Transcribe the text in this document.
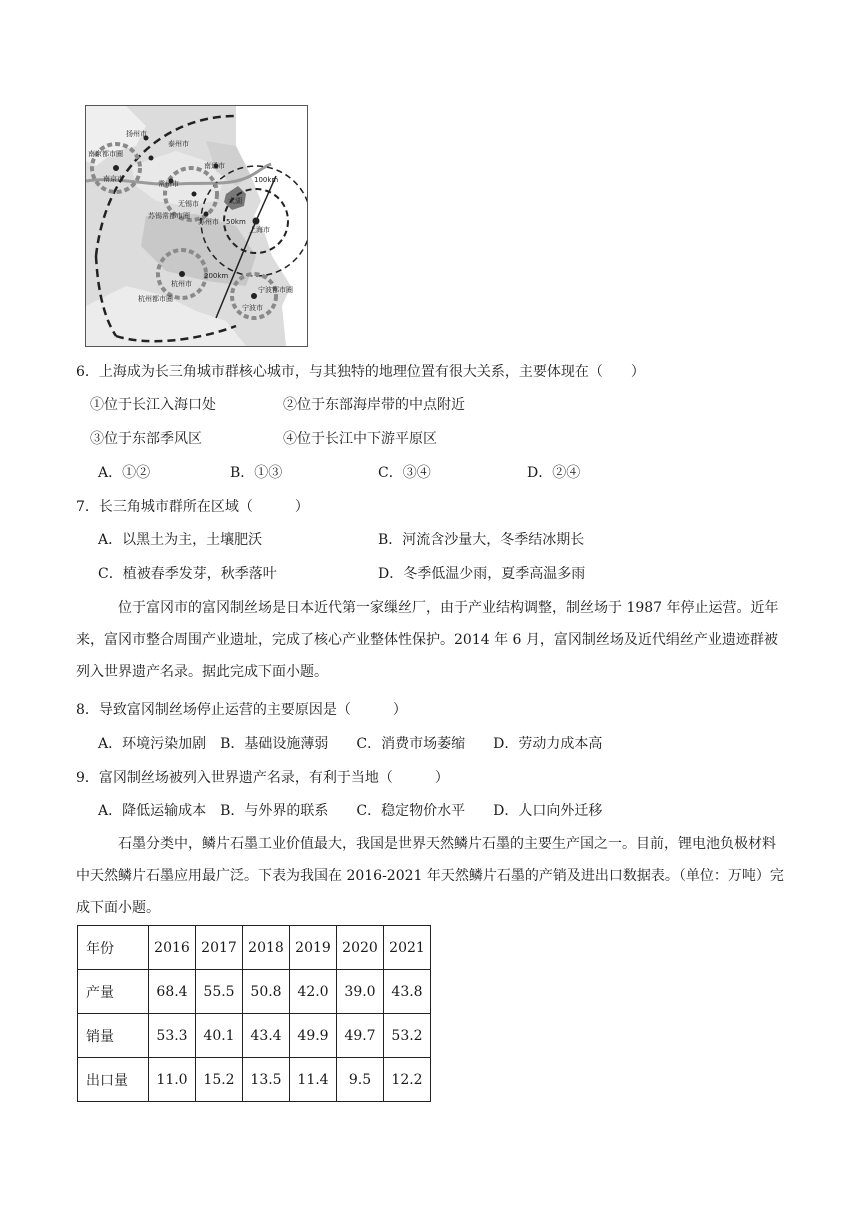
扬州市
泰州市
南京都市圈
南京市
南通市
常州市
无锡市
苏锡常都市圈
苏州市
上海市
太湖
100km
50km
200km
杭州市
杭州都市圈
宁波都市圈
宁波市
6．上海成为长三角城市群核心城市，与其独特的地理位置有很大关系，主要体现在（　　）
①位于长江入海口处	②位于东部海岸带的中点附近
③位于东部季风区	④位于长江中下游平原区
A．①②	B．①③	C．③④	D．②④
7．长三角城市群所在区域（　　　）
A．以黑土为主，土壤肥沃	B．河流含沙量大，冬季结冰期长
C．植被春季发芽，秋季落叶	D．冬季低温少雨，夏季高温多雨
位于富冈市的富冈制丝场是日本近代第一家缫丝厂，由于产业结构调整，制丝场于 1987 年停止运营。近年来，富冈市整合周围产业遗址，完成了核心产业整体性保护。2014 年 6 月，富冈制丝场及近代绢丝产业遗迹群被列入世界遗产名录。据此完成下面小题。
8．导致富冈制丝场停止运营的主要原因是（　　　）
A．环境污染加剧　B．基础设施薄弱　　C．消费市场萎缩　　D．劳动力成本高
9．富冈制丝场被列入世界遗产名录，有利于当地（　　　）
A．降低运输成本　B．与外界的联系　　C．稳定物价水平　　D．人口向外迁移
石墨分类中，鳞片石墨工业价值最大，我国是世界天然鳞片石墨的主要生产国之一。目前，锂电池负极材料中天然鳞片石墨应用最广泛。下表为我国在 2016-2021 年天然鳞片石墨的产销及进出口数据表。（单位：万吨）完成下面小题。
年份	2016	2017	2018	2019	2020	2021
产量	68.4	55.5	50.8	42.0	39.0	43.8
销量	53.3	40.1	43.4	49.9	49.7	53.2
出口量	11.0	15.2	13.5	11.4	9.5	12.2
